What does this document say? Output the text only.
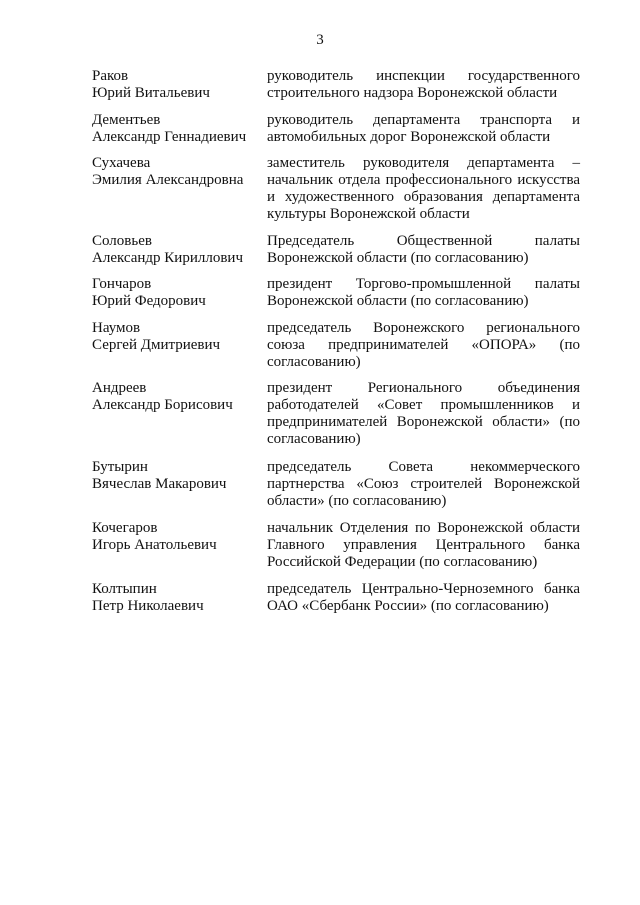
3
Раков
Юрий Витальевич
руководитель инспекции государственного строительного надзора Воронежской области
Дементьев
Александр Геннадиевич
руководитель департамента транспорта и автомобильных дорог Воронежской области
Сухачева
Эмилия Александровна
заместитель руководителя департамента – начальник отдела профессионального искусства и художественного образования департамента культуры Воронежской области
Соловьев
Александр Кириллович
Председатель Общественной палаты Воронежской области (по согласованию)
Гончаров
Юрий Федорович
президент Торгово-промышленной палаты Воронежской области (по согласованию)
Наумов
Сергей Дмитриевич
председатель Воронежского регионального союза предпринимателей «ОПОРА» (по согласованию)
Андреев
Александр Борисович
президент Регионального объединения работодателей «Совет промышленников и предпринимателей Воронежской области» (по согласованию)
Бутырин
Вячеслав Макарович
председатель Совета некоммерческого партнерства «Союз строителей Воронежской области» (по согласованию)
Кочегаров
Игорь Анатольевич
начальник Отделения по Воронежской области Главного управления Центрального банка Российской Федерации (по согласованию)
Колтыпин
Петр Николаевич
председатель Центрально-Черноземного банка ОАО «Сбербанк России» (по согласованию)
